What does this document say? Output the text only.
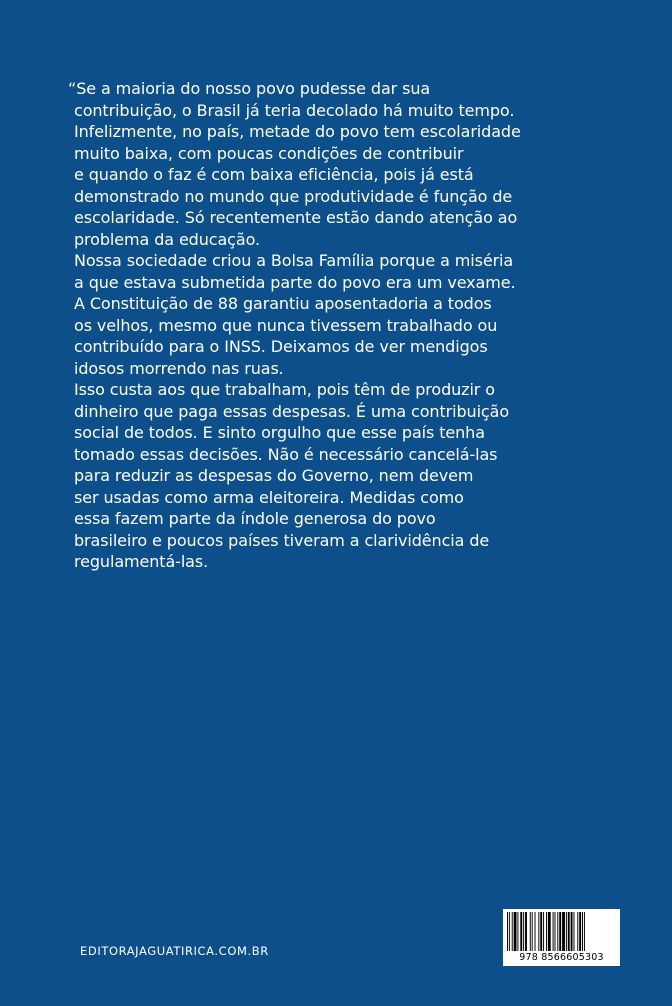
“Se a maioria do nosso povo pudesse dar sua
contribuição, o Brasil já teria decolado há muito tempo.
Infelizmente, no país, metade do povo tem escolaridade
muito baixa, com poucas condições de contribuir
e quando o faz é com baixa eficiência, pois já está
demonstrado no mundo que produtividade é função de
escolaridade. Só recentemente estão dando atenção ao
problema da educação.
Nossa sociedade criou a Bolsa Família porque a miséria
a que estava submetida parte do povo era um vexame.
A Constituição de 88 garantiu aposentadoria a todos
os velhos, mesmo que nunca tivessem trabalhado ou
contribuído para o INSS. Deixamos de ver mendigos
idosos morrendo nas ruas.
Isso custa aos que trabalham, pois têm de produzir o
dinheiro que paga essas despesas. É uma contribuição
social de todos. E sinto orgulho que esse país tenha
tomado essas decisões. Não é necessário cancelá-las
para reduzir as despesas do Governo, nem devem
ser usadas como arma eleitoreira. Medidas como
essa fazem parte da índole generosa do povo
brasileiro e poucos países tiveram a clarividência de
regulamentá-las.
EDITORAJAGUATIRICA.COM.BR	978 8566605303
